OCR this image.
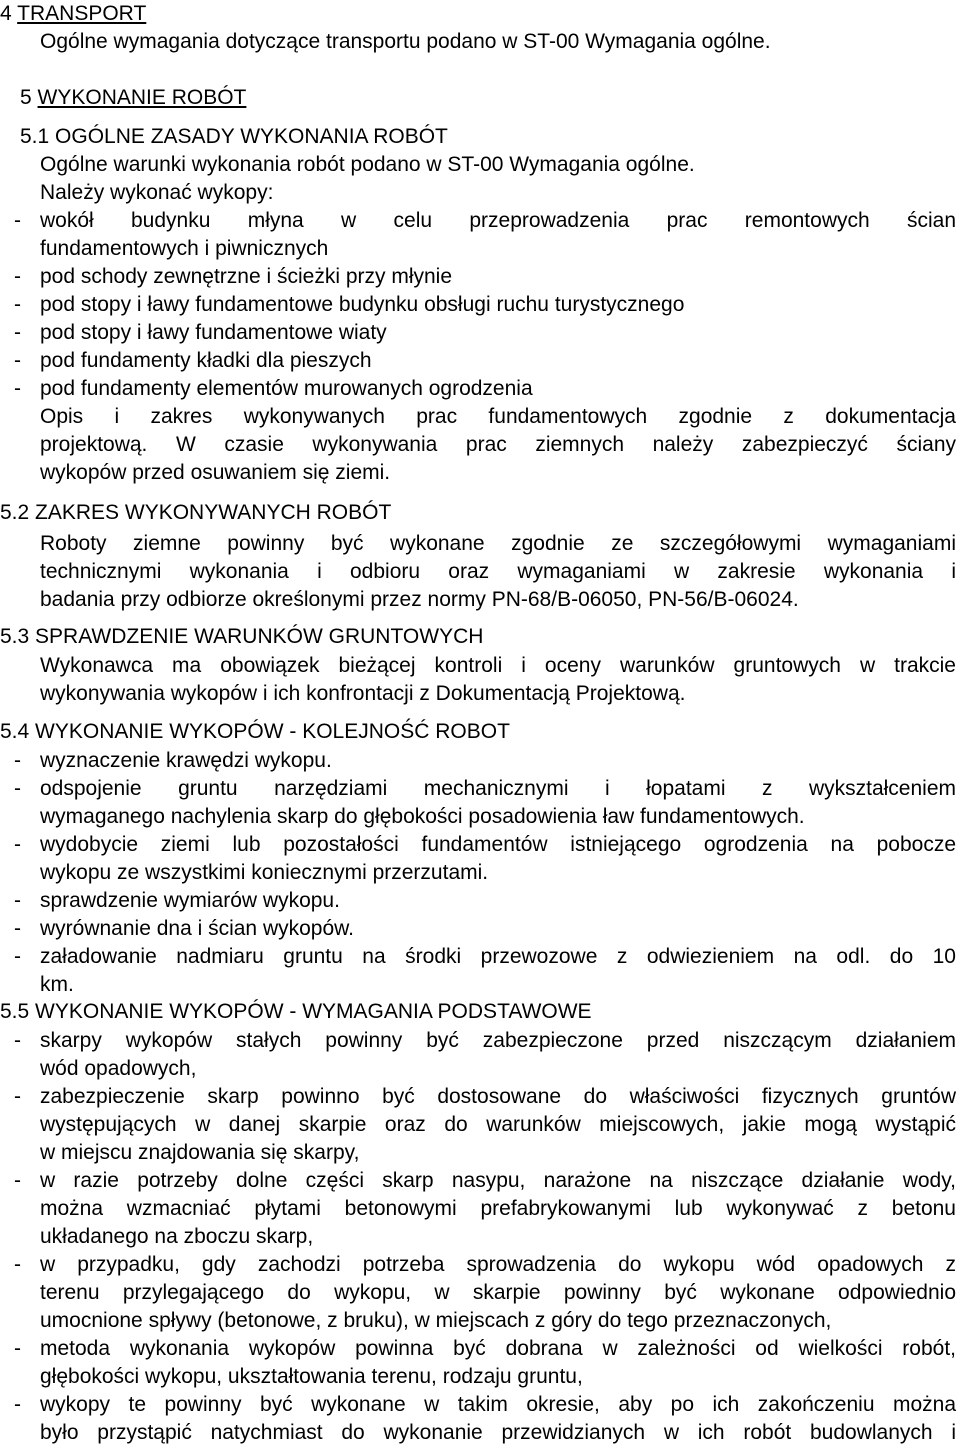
4 TRANSPORT
Ogólne wymagania dotyczące transportu podano w ST-00 Wymagania ogólne.
5 WYKONANIE ROBÓT
5.1 OGÓLNE ZASADY WYKONANIA ROBÓT
Ogólne warunki wykonania robót podano w ST-00 Wymagania ogólne.
Należy wykonać wykopy:
- wokół budynku młyna w celu przeprowadzenia prac remontowych ścian
fundamentowych i piwnicznych
- pod schody zewnętrzne i ścieżki przy młynie
- pod stopy i ławy fundamentowe budynku obsługi ruchu turystycznego
- pod stopy i ławy fundamentowe wiaty
- pod fundamenty kładki dla pieszych
- pod fundamenty elementów murowanych ogrodzenia
Opis i zakres wykonywanych prac fundamentowych zgodnie z dokumentacja
projektową. W czasie wykonywania prac ziemnych należy zabezpieczyć ściany
wykopów przed osuwaniem się ziemi.
5.2 ZAKRES WYKONYWANYCH ROBÓT
Roboty ziemne powinny być wykonane zgodnie ze szczegółowymi wymaganiami
technicznymi wykonania i odbioru oraz wymaganiami w zakresie wykonania i
badania przy odbiorze określonymi przez normy PN-68/B-06050, PN-56/B-06024.
5.3 SPRAWDZENIE WARUNKÓW GRUNTOWYCH
Wykonawca ma obowiązek bieżącej kontroli i oceny warunków gruntowych w trakcie
wykonywania wykopów i ich konfrontacji z Dokumentacją Projektową.
5.4 WYKONANIE WYKOPÓW - KOLEJNOŚĆ ROBOT
- wyznaczenie krawędzi wykopu.
- odspojenie gruntu narzędziami mechanicznymi i łopatami z wykształceniem
wymaganego nachylenia skarp do głębokości posadowienia ław fundamentowych.
- wydobycie ziemi lub pozostałości fundamentów istniejącego ogrodzenia na pobocze
wykopu ze wszystkimi koniecznymi przerzutami.
- sprawdzenie wymiarów wykopu.
- wyrównanie dna i ścian wykopów.
- załadowanie nadmiaru gruntu na środki przewozowe z odwiezieniem na odl. do 10
km.
5.5 WYKONANIE WYKOPÓW - WYMAGANIA PODSTAWOWE
- skarpy wykopów stałych powinny być zabezpieczone przed niszczącym działaniem
wód opadowych,
- zabezpieczenie skarp powinno być dostosowane do właściwości fizycznych gruntów
występujących w danej skarpie oraz do warunków miejscowych, jakie mogą wystąpić
w miejscu znajdowania się skarpy,
- w razie potrzeby dolne części skarp nasypu, narażone na niszczące działanie wody,
można wzmacniać płytami betonowymi prefabrykowanymi lub wykonywać z betonu
układanego na zboczu skarp,
- w przypadku, gdy zachodzi potrzeba sprowadzenia do wykopu wód opadowych z
terenu przylegającego do wykopu, w skarpie powinny być wykonane odpowiednio
umocnione spływy (betonowe, z bruku), w miejscach z góry do tego przeznaczonych,
- metoda wykonania wykopów powinna być dobrana w zależności od wielkości robót,
głębokości wykopu, ukształtowania terenu, rodzaju gruntu,
- wykopy te powinny być wykonane w takim okresie, aby po ich zakończeniu można
było przystąpić natychmiast do wykonanie przewidzianych w ich robót budowlanych i
